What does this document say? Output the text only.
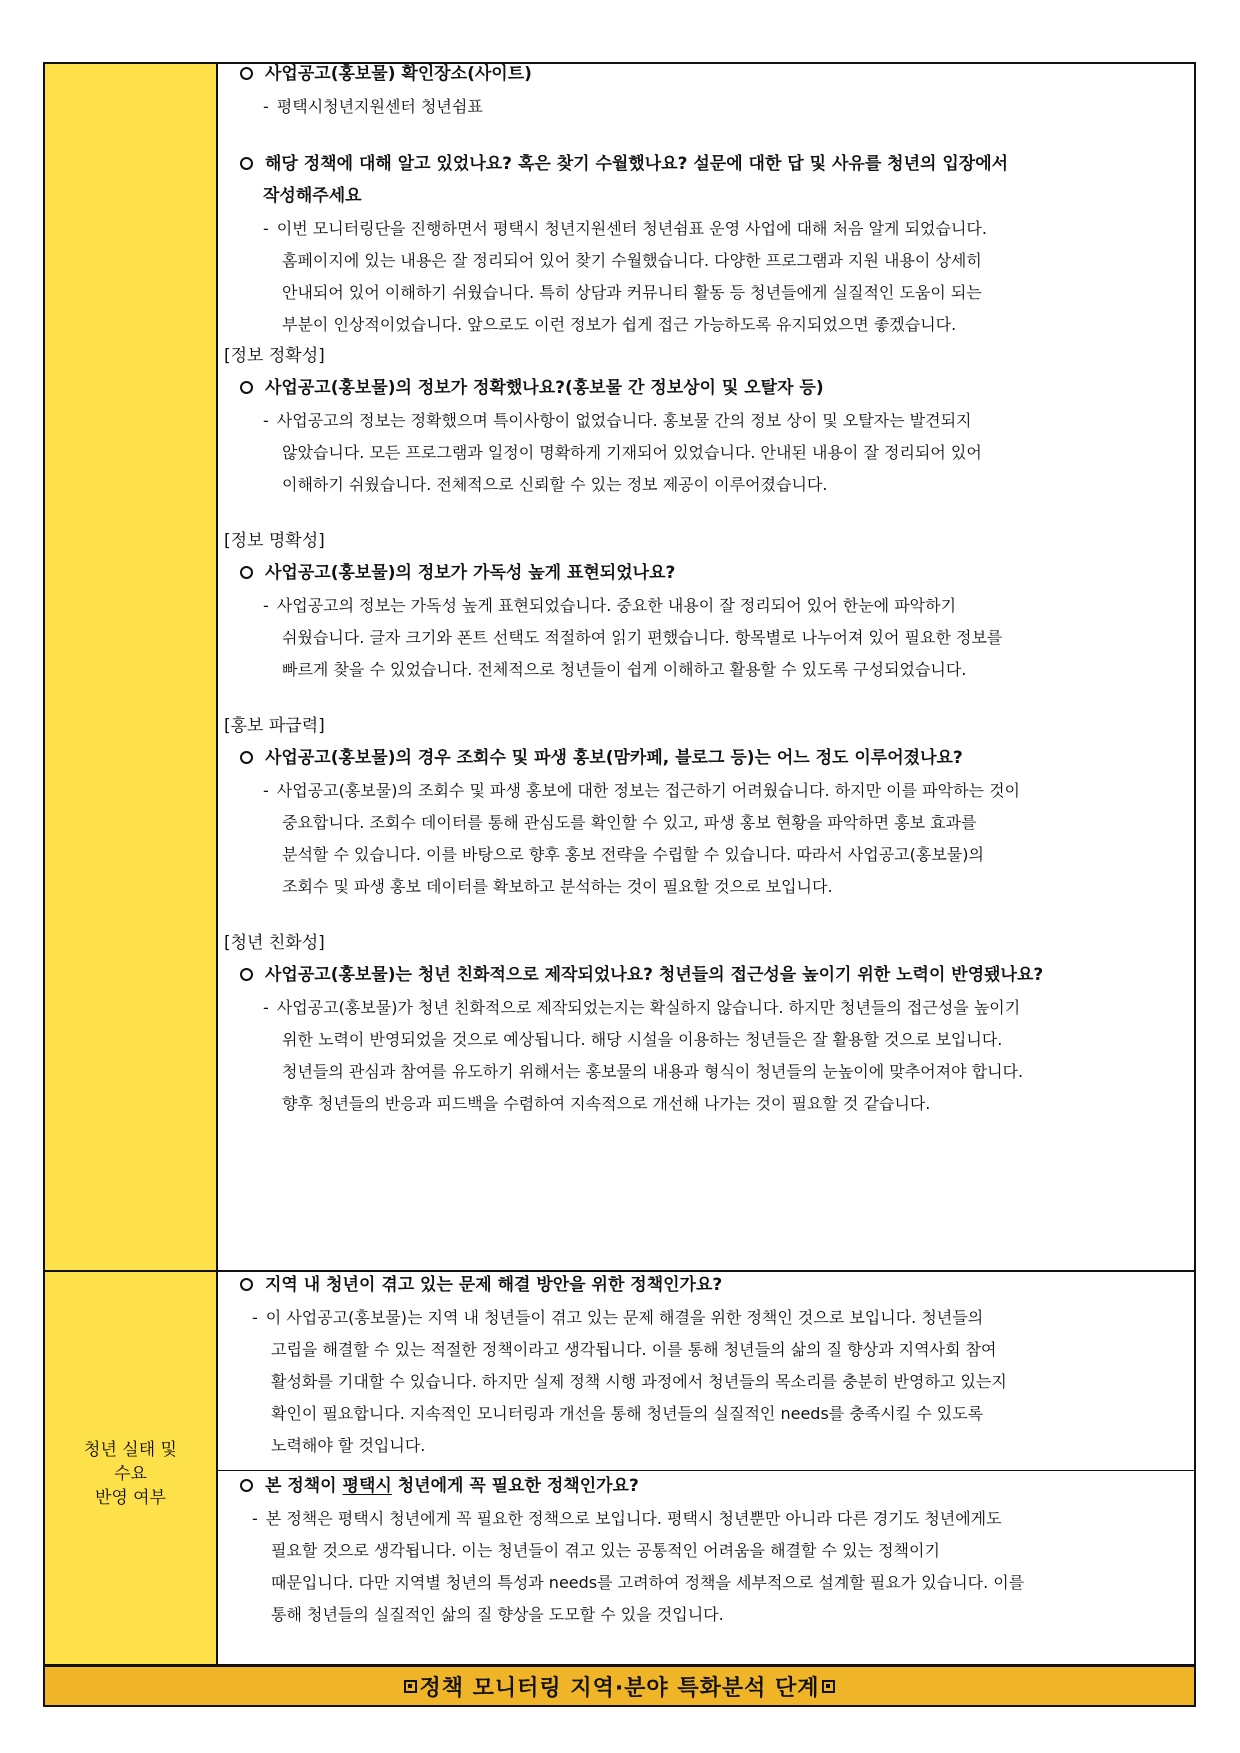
사업공고(홍보물) 확인장소(사이트)
- 평택시청년지원센터 청년쉼표
해당 정책에 대해 알고 있었나요? 혹은 찾기 수월했나요? 설문에 대한 답 및 사유를 청년의 입장에서
작성해주세요
- 이번 모니터링단을 진행하면서 평택시 청년지원센터 청년쉼표 운영 사업에 대해 처음 알게 되었습니다.
홈페이지에 있는 내용은 잘 정리되어 있어 찾기 수월했습니다. 다양한 프로그램과 지원 내용이 상세히
안내되어 있어 이해하기 쉬웠습니다. 특히 상담과 커뮤니티 활동 등 청년들에게 실질적인 도움이 되는
부분이 인상적이었습니다. 앞으로도 이런 정보가 쉽게 접근 가능하도록 유지되었으면 좋겠습니다.
[정보 정확성]
사업공고(홍보물)의 정보가 정확했나요?(홍보물 간 정보상이 및 오탈자 등)
- 사업공고의 정보는 정확했으며 특이사항이 없었습니다. 홍보물 간의 정보 상이 및 오탈자는 발견되지
않았습니다. 모든 프로그램과 일정이 명확하게 기재되어 있었습니다. 안내된 내용이 잘 정리되어 있어
이해하기 쉬웠습니다. 전체적으로 신뢰할 수 있는 정보 제공이 이루어졌습니다.
[정보 명확성]
사업공고(홍보물)의 정보가 가독성 높게 표현되었나요?
- 사업공고의 정보는 가독성 높게 표현되었습니다. 중요한 내용이 잘 정리되어 있어 한눈에 파악하기
쉬웠습니다. 글자 크기와 폰트 선택도 적절하여 읽기 편했습니다. 항목별로 나누어져 있어 필요한 정보를
빠르게 찾을 수 있었습니다. 전체적으로 청년들이 쉽게 이해하고 활용할 수 있도록 구성되었습니다.
[홍보 파급력]
사업공고(홍보물)의 경우 조회수 및 파생 홍보(맘카페, 블로그 등)는 어느 정도 이루어졌나요?
- 사업공고(홍보물)의 조회수 및 파생 홍보에 대한 정보는 접근하기 어려웠습니다. 하지만 이를 파악하는 것이
중요합니다. 조회수 데이터를 통해 관심도를 확인할 수 있고, 파생 홍보 현황을 파악하면 홍보 효과를
분석할 수 있습니다. 이를 바탕으로 향후 홍보 전략을 수립할 수 있습니다. 따라서 사업공고(홍보물)의
조회수 및 파생 홍보 데이터를 확보하고 분석하는 것이 필요할 것으로 보입니다.
[청년 친화성]
사업공고(홍보물)는 청년 친화적으로 제작되었나요? 청년들의 접근성을 높이기 위한 노력이 반영됐나요?
- 사업공고(홍보물)가 청년 친화적으로 제작되었는지는 확실하지 않습니다. 하지만 청년들의 접근성을 높이기
위한 노력이 반영되었을 것으로 예상됩니다. 해당 시설을 이용하는 청년들은 잘 활용할 것으로 보입니다.
청년들의 관심과 참여를 유도하기 위해서는 홍보물의 내용과 형식이 청년들의 눈높이에 맞추어져야 합니다.
향후 청년들의 반응과 피드백을 수렴하여 지속적으로 개선해 나가는 것이 필요할 것 같습니다.
청년 실태 및
수요
반영 여부
지역 내 청년이 겪고 있는 문제 해결 방안을 위한 정책인가요?
- 이 사업공고(홍보물)는 지역 내 청년들이 겪고 있는 문제 해결을 위한 정책인 것으로 보입니다. 청년들의
고립을 해결할 수 있는 적절한 정책이라고 생각됩니다. 이를 통해 청년들의 삶의 질 향상과 지역사회 참여
활성화를 기대할 수 있습니다. 하지만 실제 정책 시행 과정에서 청년들의 목소리를 충분히 반영하고 있는지
확인이 필요합니다. 지속적인 모니터링과 개선을 통해 청년들의 실질적인 needs를 충족시킬 수 있도록
노력해야 할 것입니다.
본 정책이 평택시 청년에게 꼭 필요한 정책인가요?
- 본 정책은 평택시 청년에게 꼭 필요한 정책으로 보입니다. 평택시 청년뿐만 아니라 다른 경기도 청년에게도
필요할 것으로 생각됩니다. 이는 청년들이 겪고 있는 공통적인 어려움을 해결할 수 있는 정책이기
때문입니다. 다만 지역별 청년의 특성과 needs를 고려하여 정책을 세부적으로 설계할 필요가 있습니다. 이를
통해 청년들의 실질적인 삶의 질 향상을 도모할 수 있을 것입니다.
정책 모니터링 지역·분야 특화분석 단계
